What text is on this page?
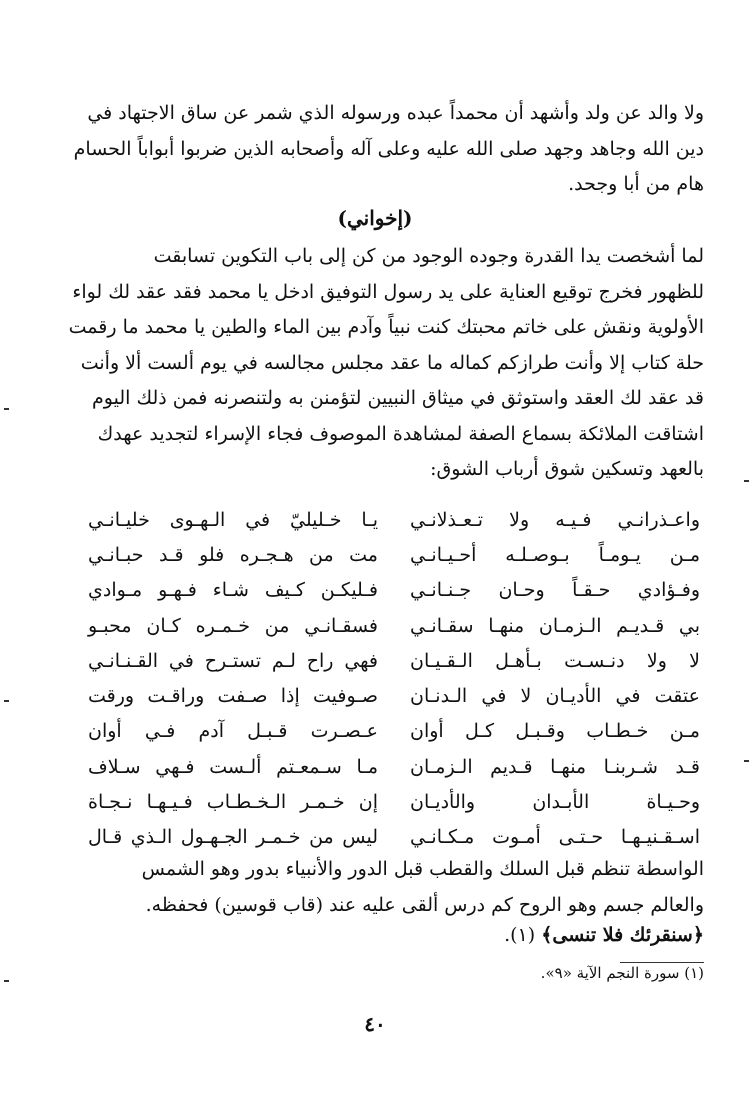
ولا والد عن ولد وأشهد أن محمداً عبده ورسوله الذي شمر عن ساق الاجتهاد في
دين الله وجاهد وجهد صلى الله عليه وعلى آله وأصحابه الذين ضربوا أبواباً الحسام
هام من أبا وجحد.
(إخواني)
لما أشخصت يدا القدرة وجوده الوجود من كن إلى باب التكوين تسابقت
للظهور فخرج توقيع العناية على يد رسول التوفيق ادخل يا محمد فقد عقد لك لواء
الأولوية ونقش على خاتم محبتك كنت نبياً وآدم بين الماء والطين يا محمد ما رقمت
حلة كتاب إلا وأنت طرازكم كماله ما عقد مجلس مجالسه في يوم ألست ألا وأنت
قد عقد لك العقد واستوثق في ميثاق النبيين لتؤمنن به ولتنصرنه فمن ذلك اليوم
اشتاقت الملائكة بسماع الصفة لمشاهدة الموصوف فجاء الإسراء لتجديد عهدك
بالعهد وتسكين شوق أرباب الشوق:
يـا خـليليّ في الـهـوى خليـانـي واعـذرانـي فـيـه ولا تـعـذلانـي
مت من هـجـره فلو قـد حبـانـي مـن يـومـاً بـوصـلـه أحـيـانـي
فـليكـن كـيف شـاء فـهـو مـوادي وفـؤادي حـقـاً وحـان جـنـانـي
فسقـانـي من خـمـره كـان محبـو بي قـديـم الـزمـان منهـا سقـانـي
فهي راح لـم تستـرح في القـنـانـي لا ولا دنـسـت بـأهـل الـقـيـان
صـوفيت إذا صـفت وراقـت ورقت عتقت في الأديـان لا في الـدنـان
عـصـرت قـبـل آدم فـي أوان مـن خـطـاب وقـبـل كـل أوان
مـا سـمعـتم ألـست فـهي سـلاف قـد شـربنـا منهـا قـديم الـزمـان
إن خـمـر الـخـطـاب فـيـهـا نـجـاة وحـيـاة الأبـدان والأديـان
ليس من خـمـر الجـهـول الـذي قـال اسـقـنيـهـا حـتـى أمـوت مـكـانـي
الواسطة تنظم قبل السلك والقطب قبل الدور والأنبياء بدور وهو الشمس
والعالم جسم وهو الروح كم درس ألقى عليه عند (قاب قوسين) فحفظه.
﴿سنقرئك فلا تنسى﴾ (١).
(١) سورة النجم الآية «٩».
٤٠
